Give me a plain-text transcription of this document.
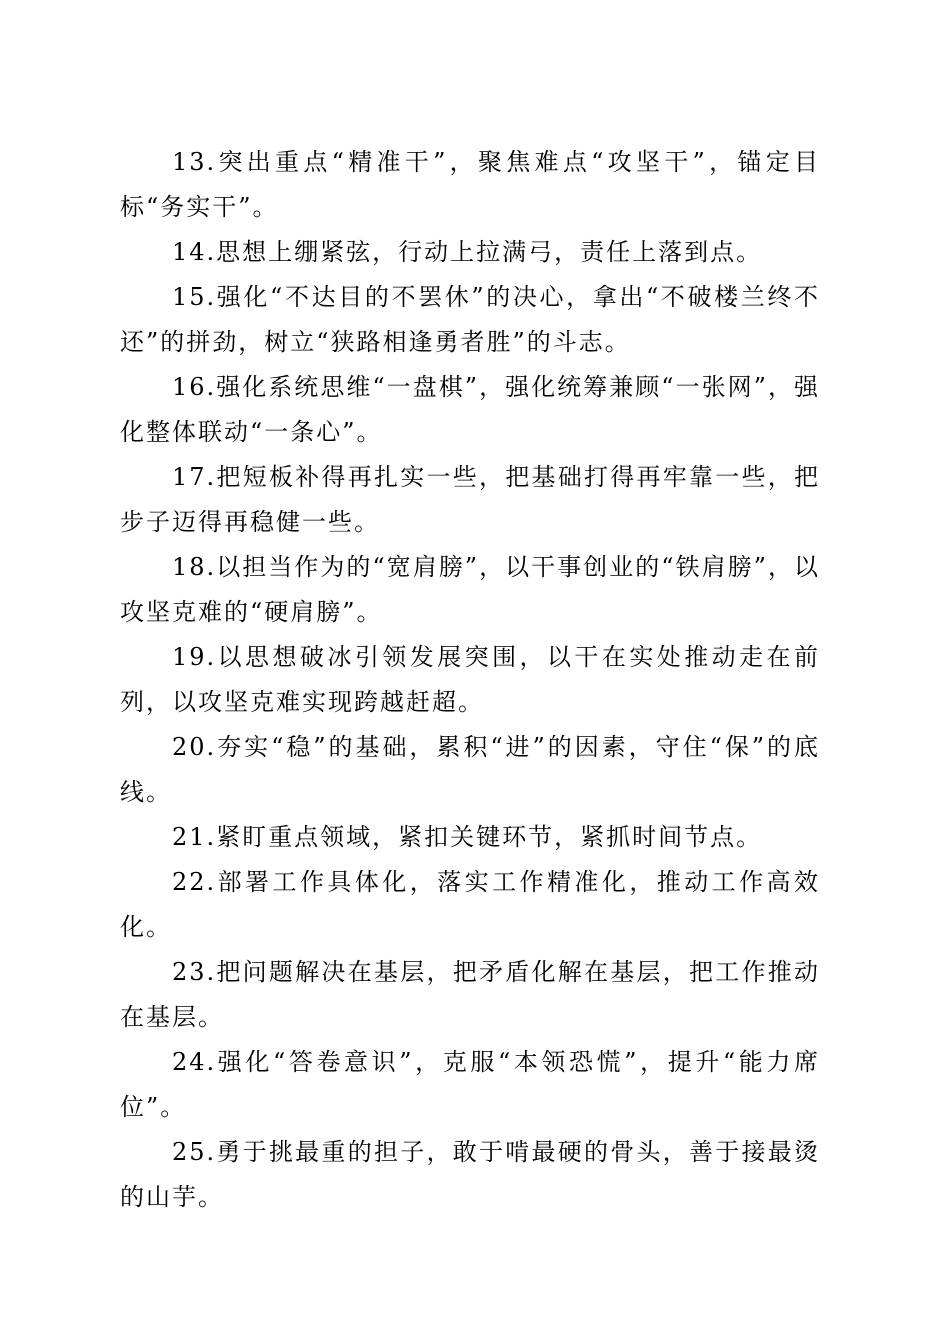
13.突出重点“精准干”，聚焦难点“攻坚干”，锚定目标“务实干”。

14.思想上绷紧弦，行动上拉满弓，责任上落到点。

15.强化“不达目的不罢休”的决心，拿出“不破楼兰终不还”的拼劲，树立“狭路相逢勇者胜”的斗志。

16.强化系统思维“一盘棋”，强化统筹兼顾“一张网”，强化整体联动“一条心”。

17.把短板补得再扎实一些，把基础打得再牢靠一些，把步子迈得再稳健一些。

18.以担当作为的“宽肩膀”，以干事创业的“铁肩膀”，以攻坚克难的“硬肩膀”。

19.以思想破冰引领发展突围，以干在实处推动走在前列，以攻坚克难实现跨越赶超。

20.夯实“稳”的基础，累积“进”的因素，守住“保”的底线。

21.紧盯重点领域，紧扣关键环节，紧抓时间节点。

22.部署工作具体化，落实工作精准化，推动工作高效化。

23.把问题解决在基层，把矛盾化解在基层，把工作推动在基层。

24.强化“答卷意识”，克服“本领恐慌”，提升“能力席位”。

25.勇于挑最重的担子，敢于啃最硬的骨头，善于接最烫的山芋。
